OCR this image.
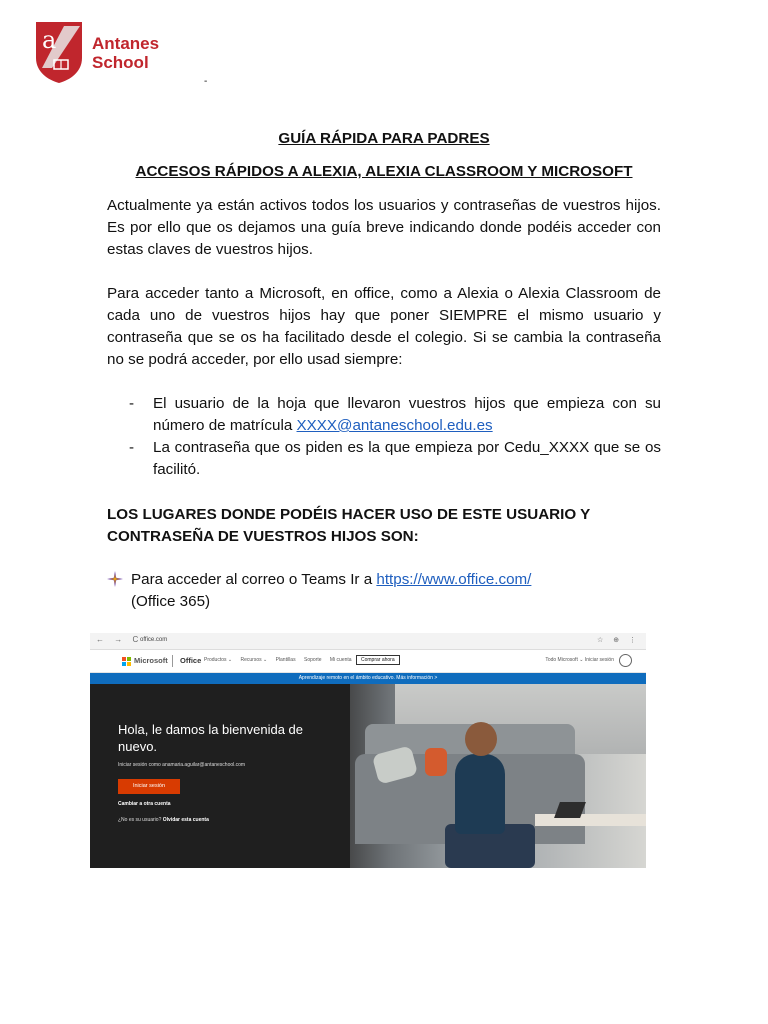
a Antanes
School
-
GUÍA RÁPIDA PARA PADRES
ACCESOS RÁPIDOS A ALEXIA, ALEXIA CLASSROOM Y MICROSOFT
Actualmente ya están activos todos los usuarios y contraseñas de vuestros hijos. Es por ello que os dejamos una guía breve indicando donde podéis acceder con estas claves de vuestros hijos.
Para acceder tanto a Microsoft, en office, como a Alexia o Alexia Classroom de cada uno de vuestros hijos hay que poner SIEMPRE el mismo usuario y contraseña que se os ha facilitado desde el colegio. Si se cambia la contraseña no se podrá acceder, por ello usad siempre:
- El usuario de la hoja que llevaron vuestros hijos que empieza con su número de matrícula XXXX@antaneschool.edu.es
- La contraseña que os piden es la que empieza por Cedu_XXXX que se os facilitó.
LOS LUGARES DONDE PODÉIS HACER USO DE ESTE USUARIO Y CONTRASEÑA DE VUESTROS HIJOS SON:
Para acceder al correo o Teams Ir a https://www.office.com/
(Office 365)
← → C
office.com	☆ ⊕ ⋮
Microsoft Office Productos ⌄ Recursos ⌄ Plantillas Soporte Mi cuenta	Comprar ahora	Todo Microsoft ⌄ Iniciar sesión
Aprendizaje remoto en el ámbito educativo. Más información >
Hola, le damos la bienvenida de nuevo.
Iniciar sesión como anamaria.aguilar@antaneschool.com
Iniciar sesión
Cambiar a otra cuenta
¿No es su usuario? Olvidar esta cuenta
